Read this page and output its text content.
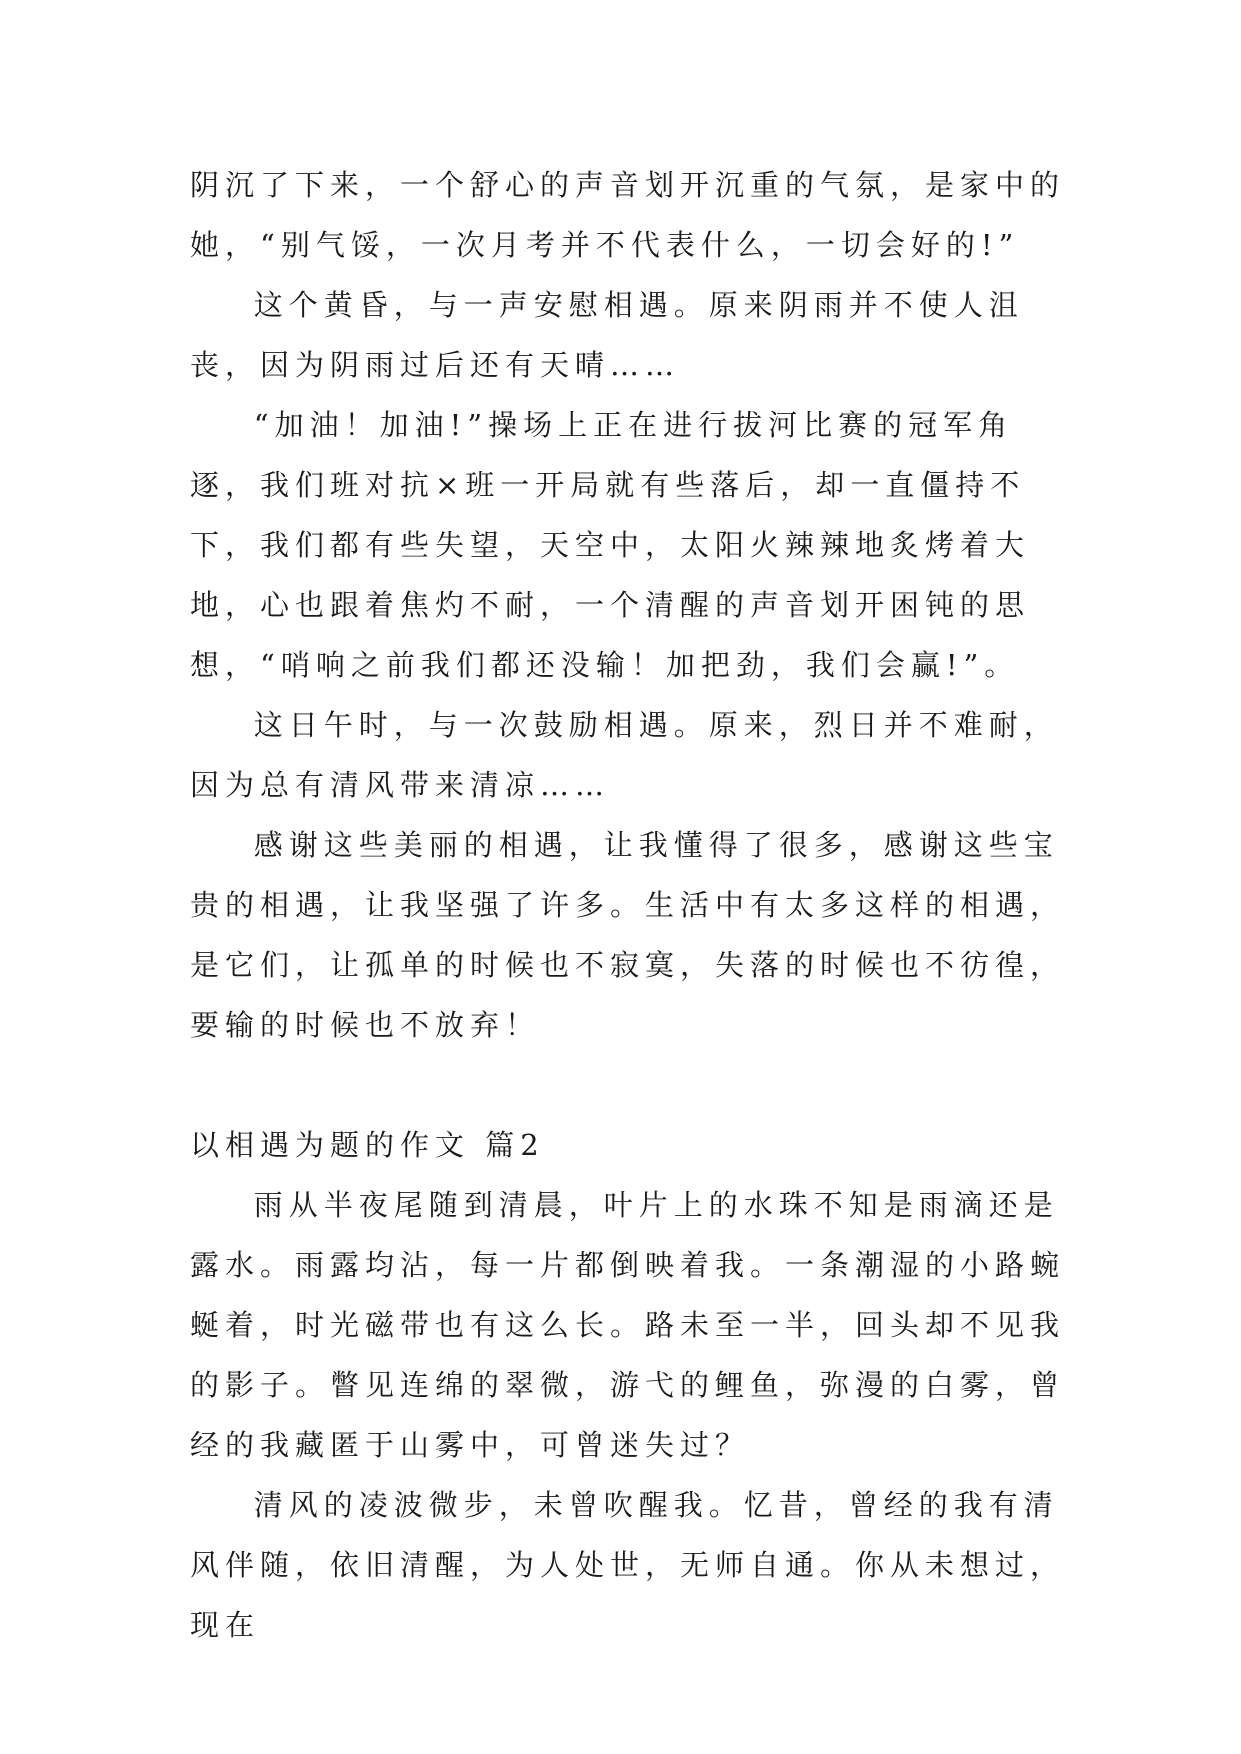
阴沉了下来，一个舒心的声音划开沉重的气氛，是家中的她，“别气馁，一次月考并不代表什么，一切会好的!”

这个黄昏，与一声安慰相遇。原来阴雨并不使人沮丧，因为阴雨过后还有天晴……

“加油！加油!”操场上正在进行拔河比赛的冠军角逐，我们班对抗×班一开局就有些落后，却一直僵持不下，我们都有些失望，天空中，太阳火辣辣地炙烤着大地，心也跟着焦灼不耐，一个清醒的声音划开困钝的思想，“哨响之前我们都还没输！加把劲，我们会赢!”。

这日午时，与一次鼓励相遇。原来，烈日并不难耐，因为总有清风带来清凉……

感谢这些美丽的相遇，让我懂得了很多，感谢这些宝贵的相遇，让我坚强了许多。生活中有太多这样的相遇，是它们，让孤单的时候也不寂寞，失落的时候也不彷徨，要输的时候也不放弃！

以相遇为题的作文 篇2

雨从半夜尾随到清晨，叶片上的水珠不知是雨滴还是露水。雨露均沾，每一片都倒映着我。一条潮湿的小路蜿蜒着，时光磁带也有这么长。路未至一半，回头却不见我的影子。瞥见连绵的翠微，游弋的鲤鱼，弥漫的白雾，曾经的我藏匿于山雾中，可曾迷失过？

清风的凌波微步，未曾吹醒我。忆昔，曾经的我有清风伴随，依旧清醒，为人处世，无师自通。你从未想过，现在
